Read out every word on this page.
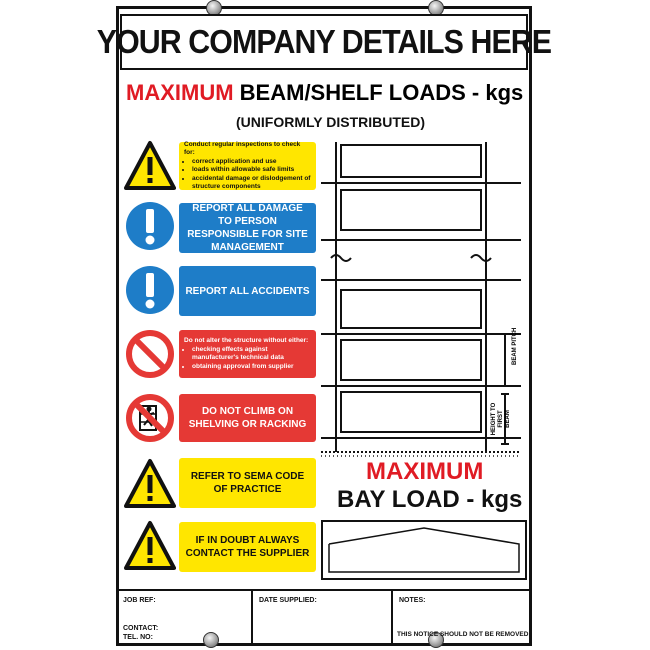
YOUR COMPANY DETAILS HERE
MAXIMUM BEAM/SHELF LOADS - kgs
(UNIFORMLY DISTRIBUTED)

Conduct regular inspections to check for:

• correct application and use
• loads within allowable safe limits
• accidental damage or dislodgement of structure components
REPORT ALL DAMAGE TO PERSON RESPONSIBLE FOR SITE MANAGEMENT
REPORT ALL ACCIDENTS

Do not alter the structure without either:

• checking effects against manufacturer's technical data
• obtaining approval from supplier
DO NOT CLIMB ON SHELVING OR RACKING
REFER TO SEMA CODE OF PRACTICE
IF IN DOUBT ALWAYS CONTACT THE SUPPLIER
BEAM PITCH
HEIGHT TO FIRST BEAM
MAXIMUM
BAY LOAD - kgs
JOB REF:
CONTACT:
TEL. NO:
DATE SUPPLIED:	NOTES:
THIS NOTICE SHOULD NOT BE REMOVED
